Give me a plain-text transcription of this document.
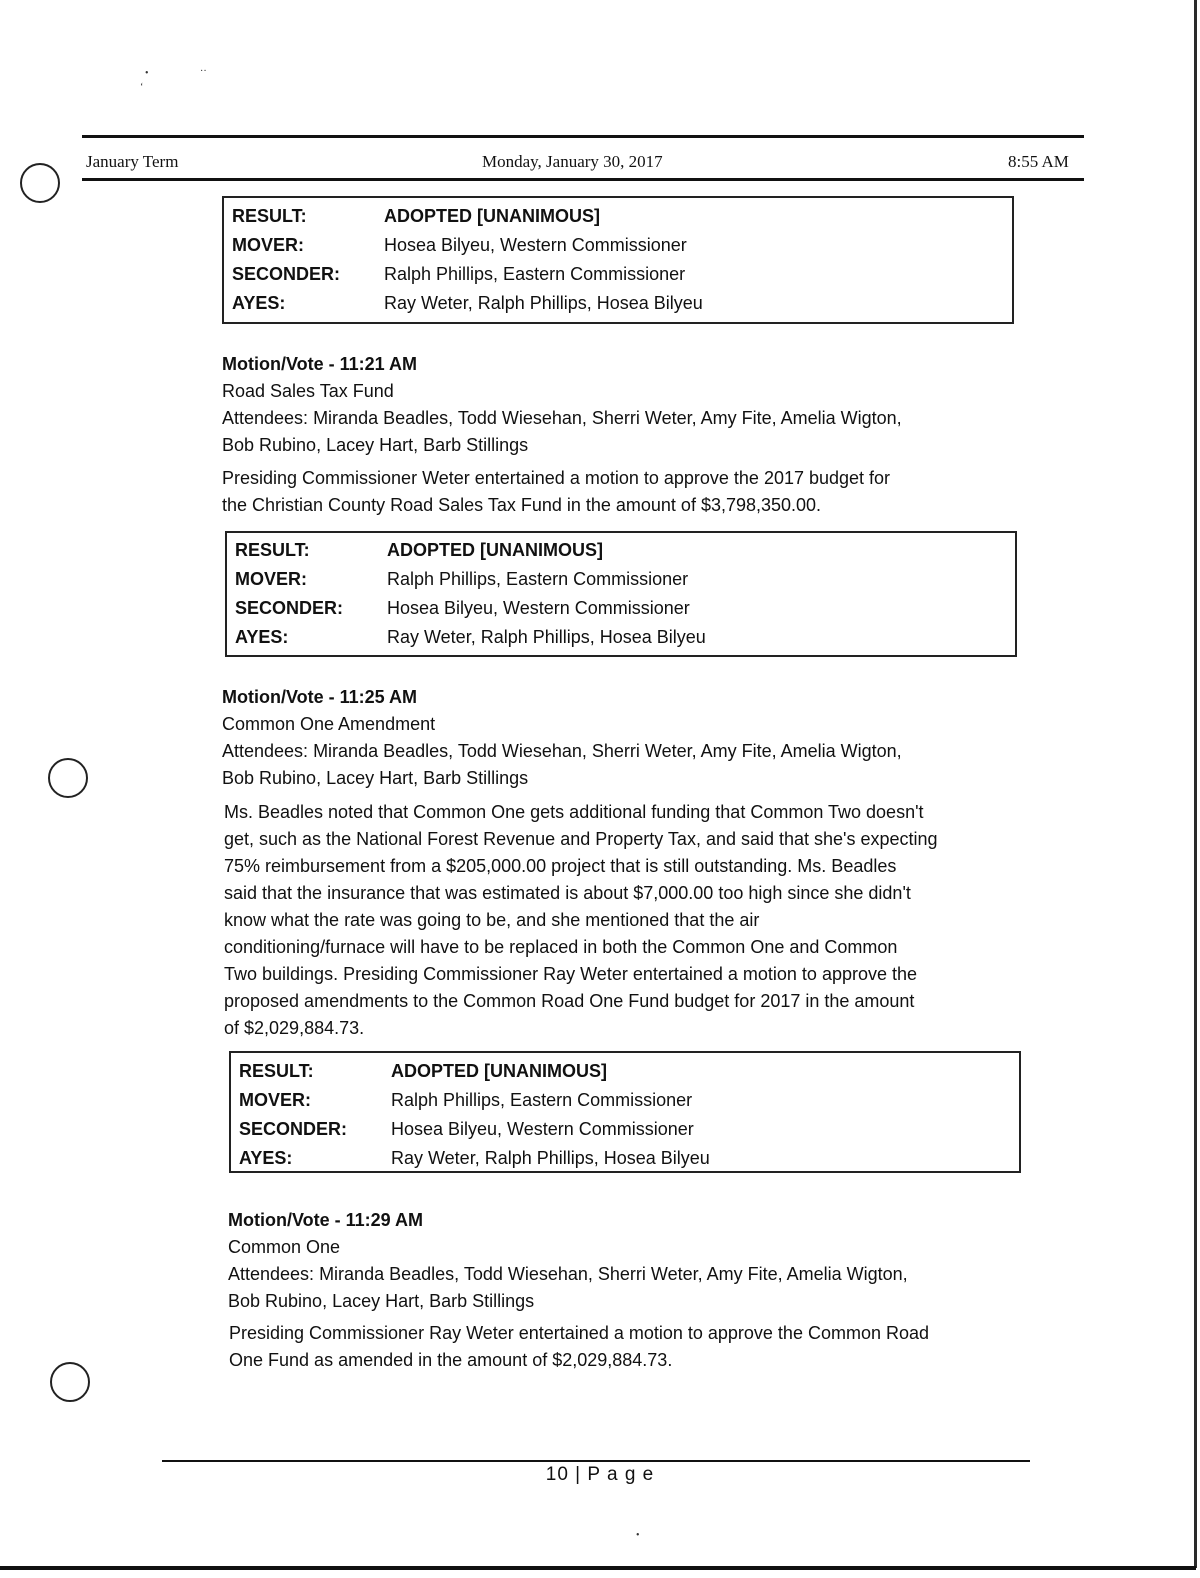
•	··
‘
January Term	Monday, January 30, 2017	8:55 AM
RESULT:	ADOPTED [UNANIMOUS]
MOVER:	Hosea Bilyeu, Western Commissioner
SECONDER: Ralph Phillips, Eastern Commissioner
AYES:	Ray Weter, Ralph Phillips, Hosea Bilyeu
Motion/Vote - 11:21 AM
Road Sales Tax Fund
Attendees: Miranda Beadles, Todd Wiesehan, Sherri Weter, Amy Fite, Amelia Wigton,
Bob Rubino, Lacey Hart, Barb Stillings
Presiding Commissioner Weter entertained a motion to approve the 2017 budget for
the Christian County Road Sales Tax Fund in the amount of $3,798,350.00.
RESULT:	ADOPTED [UNANIMOUS]
MOVER:	Ralph Phillips, Eastern Commissioner
SECONDER: Hosea Bilyeu, Western Commissioner
AYES:	Ray Weter, Ralph Phillips, Hosea Bilyeu
Motion/Vote - 11:25 AM
Common One Amendment
Attendees: Miranda Beadles, Todd Wiesehan, Sherri Weter, Amy Fite, Amelia Wigton,
Bob Rubino, Lacey Hart, Barb Stillings
Ms. Beadles noted that Common One gets additional funding that Common Two doesn't
get, such as the National Forest Revenue and Property Tax, and said that she's expecting
75% reimbursement from a $205,000.00 project that is still outstanding. Ms. Beadles
said that the insurance that was estimated is about $7,000.00 too high since she didn't
know what the rate was going to be, and she mentioned that the air
conditioning/furnace will have to be replaced in both the Common One and Common
Two buildings. Presiding Commissioner Ray Weter entertained a motion to approve the
proposed amendments to the Common Road One Fund budget for 2017 in the amount
of $2,029,884.73.
RESULT:	ADOPTED [UNANIMOUS]
MOVER:	Ralph Phillips, Eastern Commissioner
SECONDER: Hosea Bilyeu, Western Commissioner
AYES:	Ray Weter, Ralph Phillips, Hosea Bilyeu
Motion/Vote - 11:29 AM
Common One
Attendees: Miranda Beadles, Todd Wiesehan, Sherri Weter, Amy Fite, Amelia Wigton,
Bob Rubino, Lacey Hart, Barb Stillings
Presiding Commissioner Ray Weter entertained a motion to approve the Common Road
One Fund as amended in the amount of $2,029,884.73.
10 | P a g e
•
